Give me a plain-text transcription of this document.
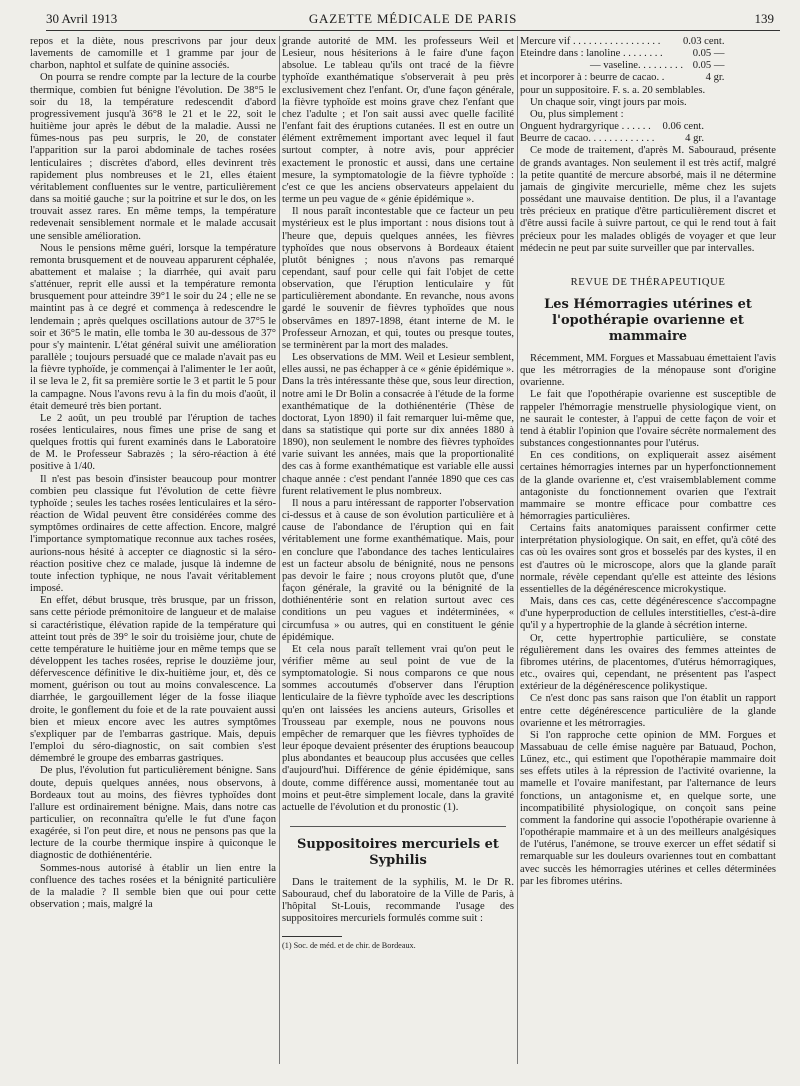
30 Avril 1913	GAZETTE MÉDICALE DE PARIS	139

repos et la diète, nous prescrivons par jour deux lavements de camomille et 1 gramme par jour de charbon, naphtol et sulfate de quinine associés.

On pourra se rendre compte par la lecture de la courbe thermique, combien fut bénigne l'évolution. De 38°5 le soir du 18, la température redescendit d'abord progressivement jusqu'à 36°8 le 21 et le 22, soit le huitième jour après le début de la maladie. Aussi ne fûmes-nous pas peu surpris, le 20, de constater l'apparition sur la paroi abdominale de taches rosées lenticulaires ; discrètes d'abord, elles devinrent très rapidement plus nombreuses et le 21, elles étaient véritablement confluentes sur le ventre, particulièrement dans sa moitié gauche ; sur la poitrine et sur le dos, on les trouvait assez rares. En même temps, la température redevenait sensiblement normale et le malade accusait une sensible amélioration.

Nous le pensions même guéri, lorsque la température remonta brusquement et de nouveau apparurent céphalée, abattement et malaise ; la diarrhée, qui avait paru s'atténuer, reprit elle aussi et la température remonta brusquement pour atteindre 39°1 le soir du 24 ; elle ne se maintint pas à ce degré et commença à redescendre le lendemain ; après quelques oscillations autour de 37°5 le soir et 36°5 le matin, elle tomba le 30 au-dessous de 37° pour s'y maintenir. L'état général suivit une amélioration parallèle ; toujours persuadé que ce malade n'avait pas eu la fièvre typhoïde, je commençai à l'alimenter le 1er août, il se leva le 2, fit sa première sortie le 3 et partit le 5 pour la campagne. Nous l'avons revu à la fin du mois d'août, il était demeuré très bien portant.

Le 2 août, un peu troublé par l'éruption de taches rosées lenticulaires, nous fîmes une prise de sang et quelques frottis qui furent examinés dans le Laboratoire de M. le Professeur Sabrazès ; la séro-réaction à été positive à 1/40.

Il n'est pas besoin d'insister beaucoup pour montrer combien peu classique fut l'évolution de cette fièvre typhoïde ; seules les taches rosées lenticulaires et la séro-réaction de Widal peuvent être considérées comme des symptômes ordinaires de cette affection. Encore, malgré l'importance symptomatique reconnue aux taches rosées, aurions-nous hésité à accepter ce diagnostic si la séro-réaction positive chez ce malade, jusque là indemne de toute infection typhique, ne nous l'avait véritablement imposé.

En effet, début brusque, très brusque, par un frisson, sans cette période prémonitoire de langueur et de malaise si caractéristique, élévation rapide de la température qui atteint tout près de 39° le soir du troisième jour, chute de cette température le huitième jour en même temps que se développent les taches rosées, reprise le douzième jour, défervescence définitive le dix-huitième jour, et, dès ce moment, guérison ou tout au moins convalescence. La diarrhée, le gargouillement léger de la fosse iliaque droite, le gonflement du foie et de la rate pouvaient aussi bien et mieux encore avec les autres symptômes s'expliquer par de l'embarras gastrique. Mais, depuis l'emploi du séro-diagnostic, on sait combien s'est démembré le groupe des embarras gastriques.

De plus, l'évolution fut particulièrement bénigne. Sans doute, depuis quelques années, nous observons, à Bordeaux tout au moins, des fièvres typhoïdes dont l'allure est ordinairement bénigne. Mais, dans notre cas particulier, on reconnaîtra qu'elle le fut d'une façon exagérée, si l'on peut dire, et nous ne pensons pas que la lecture de la courbe thermique inspire à quiconque le diagnostic de dothiénentérie.

Sommes-nous autorisé à établir un lien entre la confluence des taches rosées et la bénignité particulière de la maladie ? Il semble bien que oui pour cette observation ; mais, malgré la

grande autorité de MM. les professeurs Weil et Lesieur, nous hésiterions à le faire d'une façon absolue. Le tableau qu'ils ont tracé de la fièvre typhoïde exanthématique s'observerait à peu près exclusivement chez l'enfant. Or, d'une façon générale, la fièvre typhoïde est moins grave chez l'enfant que chez l'adulte ; et l'on sait aussi avec quelle facilité l'enfant fait des éruptions cutanées. Il est en outre un élément extrêmement important avec lequel il faut surtout compter, à notre avis, pour apprécier exactement le pronostic et aussi, dans une certaine mesure, la symptomatologie de la fièvre typhoïde : c'est ce que les anciens observateurs appelaient du terme un peu vague de « génie épidémique ».

Il nous paraît incontestable que ce facteur un peu mystérieux est le plus important : nous disions tout à l'heure que, depuis quelques années, les fièvres typhoïdes que nous observons à Bordeaux étaient plutôt bénignes ; nous n'avons pas remarqué cependant, sauf pour celle qui fait l'objet de cette observation, que l'éruption lenticulaire y fût particulièrement abondante. En revanche, nous avons gardé le souvenir de fièvres typhoïdes que nous observâmes en 1897-1898, étant interne de M. le Professeur Arnozan, et qui, toutes ou presque toutes, se terminèrent par la mort des malades.

Les observations de MM. Weil et Lesieur semblent, elles aussi, ne pas échapper à ce « génie épidémique ». Dans la très intéressante thèse que, sous leur direction, notre ami le Dr Bolin a consacrée à l'étude de la forme exanthématique de la dothiénentérie (Thèse de doctorat, Lyon 1890) il fait remarquer lui-même que, dans sa statistique qui porte sur dix années 1880 à 1890), non seulement le nombre des fièvres typhoïdes varie suivant les années, mais que la proportionalité des cas à forme exanthématique est variable elle aussi chaque année : c'est pendant l'année 1890 que ces cas furent relativement le plus nombreux.

Il nous a paru intéressant de rapporter l'observation ci-dessus et à cause de son évolution particulière et à cause de l'abondance de l'éruption qui en fait véritablement une forme exanthématique. Mais, pour en conclure que l'abondance des taches lenticulaires est un facteur absolu de bénignité, nous ne pensons pas devoir le faire ; nous croyons plutôt que, d'une façon générale, la gravité ou la bénignité de la dothiénentérie sont en relation surtout avec ces conditions un peu vagues et indéterminées, « circumfusa » ou autres, qui en constituent le génie épidémique.

Et cela nous paraît tellement vrai qu'on peut le vérifier même au seul point de vue de la symptomatologie. Si nous comparons ce que nous sommes accoutumés d'observer dans l'éruption lenticulaire de la fièvre typhoïde avec les descriptions qu'en ont laissées les anciens auteurs, Grisolles et Trousseau par exemple, nous ne pouvons nous empêcher de remarquer que les fièvres typhoïdes de leur époque devaient présenter des éruptions beaucoup plus abondantes et beaucoup plus accusées que celles d'aujourd'hui. Différence de génie épidémique, sans doute, comme différence aussi, momentanée tout au moins et peut-être simplement locale, dans la gravité actuelle de l'évolution et du pronostic (1).

Suppositoires mercuriels et Syphilis

Dans le traitement de la syphilis, M. le Dr R. Sabouraud, chef du laboratoire de la Ville de Paris, à l'hôpital St-Louis, recommande l'usage des suppositoires mercuriels formulés comme suit :

(1) Soc. de méd. et de chir. de Bordeaux.

Mercure vif . . . . . . . . . . . . . . . . .	0.03 cent.
Eteindre dans : lanoline . . . . . . . .	0.05 —
— vaseline. . . . . . . . .	0.05 —
et incorporer à : beurre de cacao. .	4 gr.

pour un suppositoire. F. s. a. 20 semblables.

Un chaque soir, vingt jours par mois.

Ou, plus simplement :

Onguent hydrargyrique . . . . . .	0.06 cent.
Beurre de cacao. . . . . . . . . . . . .	4 gr.

Ce mode de traitement, d'après M. Sabouraud, présente de grands avantages. Non seulement il est très actif, malgré la petite quantité de mercure absorbé, mais il ne détermine jamais de gingivite mercurielle, même chez les sujets possédant une mauvaise dentition. De plus, il a l'avantage très précieux en pratique d'être particulièrement discret et d'être aussi facile à suivre partout, ce qui le rend tout à fait précieux pour les malades obligés de voyager et que leur médecin ne peut par suite surveiller que par intervalles.

REVUE DE THÉRAPEUTIQUE
Les Hémorragies utérines et l'opothérapie ovarienne et mammaire

Récemment, MM. Forgues et Massabuau émettaient l'avis que les métrorragies de la ménopause sont d'origine ovarienne.

Le fait que l'opothérapie ovarienne est susceptible de rappeler l'hémorragie menstruelle physiologique vient, on ne saurait le contester, à l'appui de cette façon de voir et tend à établir l'opinion que l'ovaire sécrète normalement des substances congestionnantes pour l'utérus.

En ces conditions, on expliquerait assez aisément certaines hémorragies internes par un hyperfonctionnement de la glande ovarienne et, c'est vraisemblablement comme antagoniste du fonctionnement ovarien que l'extrait mammaire se montre efficace pour combattre ces hémorragies particulières.

Certains faits anatomiques paraissent confirmer cette interprétation physiologique. On sait, en effet, qu'à côté des cas où les ovaires sont gros et bosselés par des kystes, il en est d'autres où le microscope, alors que la glande paraît normale, révèle cependant qu'elle est atteinte des lésions essentielles de la dégénérescence microkystique.

Mais, dans ces cas, cette dégénérescence s'accompagne d'une hyperproduction de cellules interstitielles, c'est-à-dire qu'il y a hypertrophie de la glande à sécrétion interne.

Or, cette hypertrophie particulière, se constate régulièrement dans les ovaires des femmes atteintes de fibromes utérins, de placentomes, d'utérus hémorragiques, etc., ovaires qui, cependant, ne présentent pas l'aspect extérieur de la dégénérescence polikystique.

Ce n'est donc pas sans raison que l'on établit un rapport entre cette dégénérescence particulière de la glande ovarienne et les métrorragies.

Si l'on rapproche cette opinion de MM. Forgues et Massabuau de celle émise naguère par Batuaud, Pochon, Lünez, etc., qui estiment que l'opothérapie mammaire doit ses effets utiles à la répression de l'activité ovarienne, la mamelle et l'ovaire manifestant, par l'alternance de leurs fonctions, un antagonisme et, en quelque sorte, une incompatibilité physiologique, on conçoit sans peine comment la fandorine qui associe l'opothérapie ovarienne à l'opothérapie mammaire et à un des meilleurs analgésiques de l'utérus, l'anémone, se trouve exercer un effet sédatif si remarquable sur les douleurs ovariennes tout en combattant avec succès les hémorragies utérines et celles déterminées par les fibromes utérins.
